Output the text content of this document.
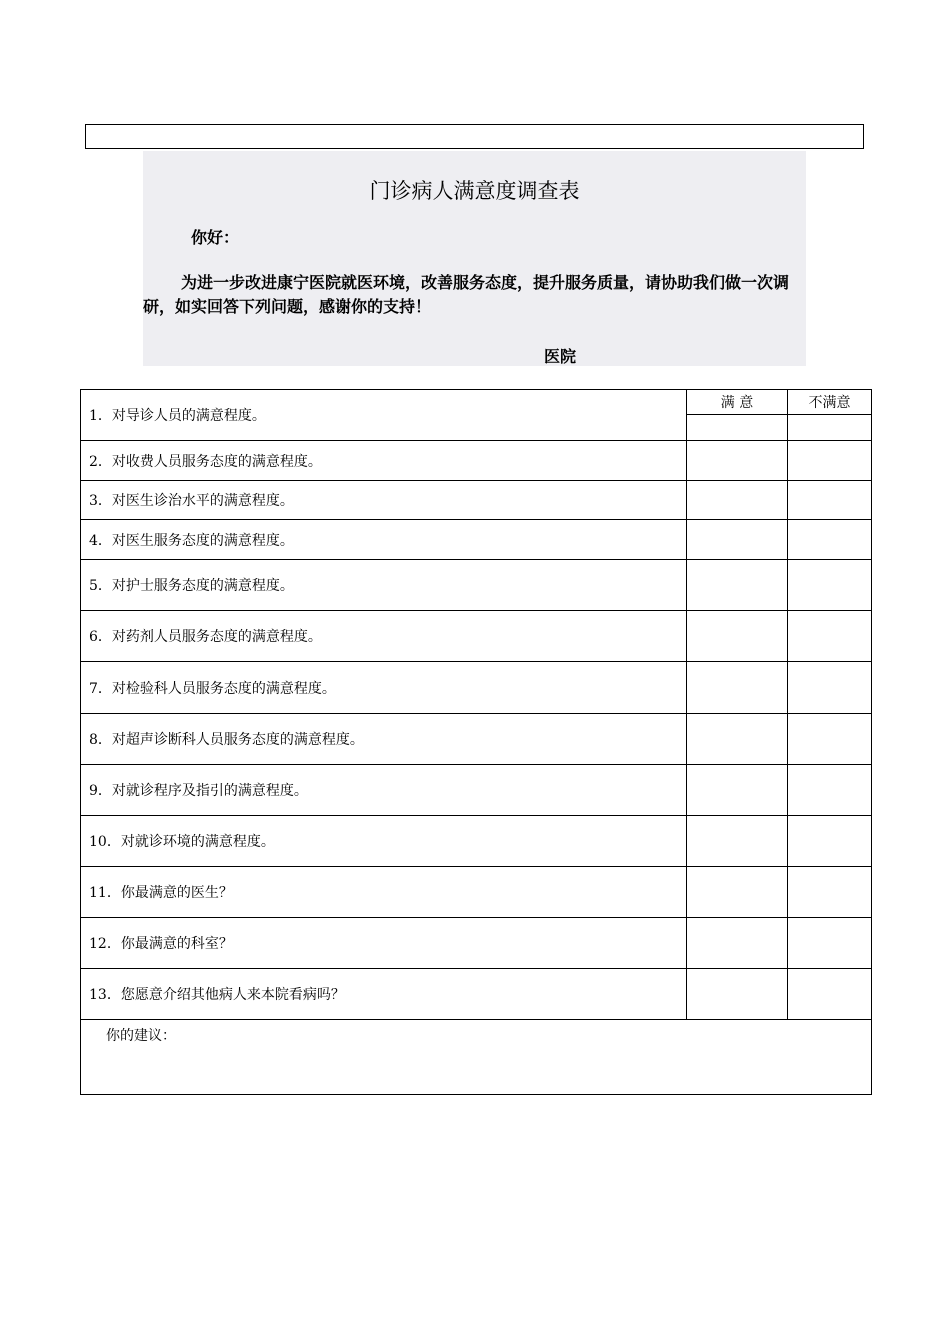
门诊病人满意度调查表
你好：
为进一步改进康宁医院就医环境，改善服务态度，提升服务质量，请协助我们做一次调研，如实回答下列问题，感谢你的支持！
医院
1．对导诊人员的满意程度。	满 意	不满意

2．对收费人员服务态度的满意程度。		
3．对医生诊治水平的满意程度。		
4．对医生服务态度的满意程度。		
5．对护士服务态度的满意程度。		
6．对药剂人员服务态度的满意程度。		
7．对检验科人员服务态度的满意程度。		
8．对超声诊断科人员服务态度的满意程度。		
9．对就诊程序及指引的满意程度。		
10．对就诊环境的满意程度。		
11．你最满意的医生？		
12．你最满意的科室？		
13．您愿意介绍其他病人来本院看病吗？		
你的建议：		
